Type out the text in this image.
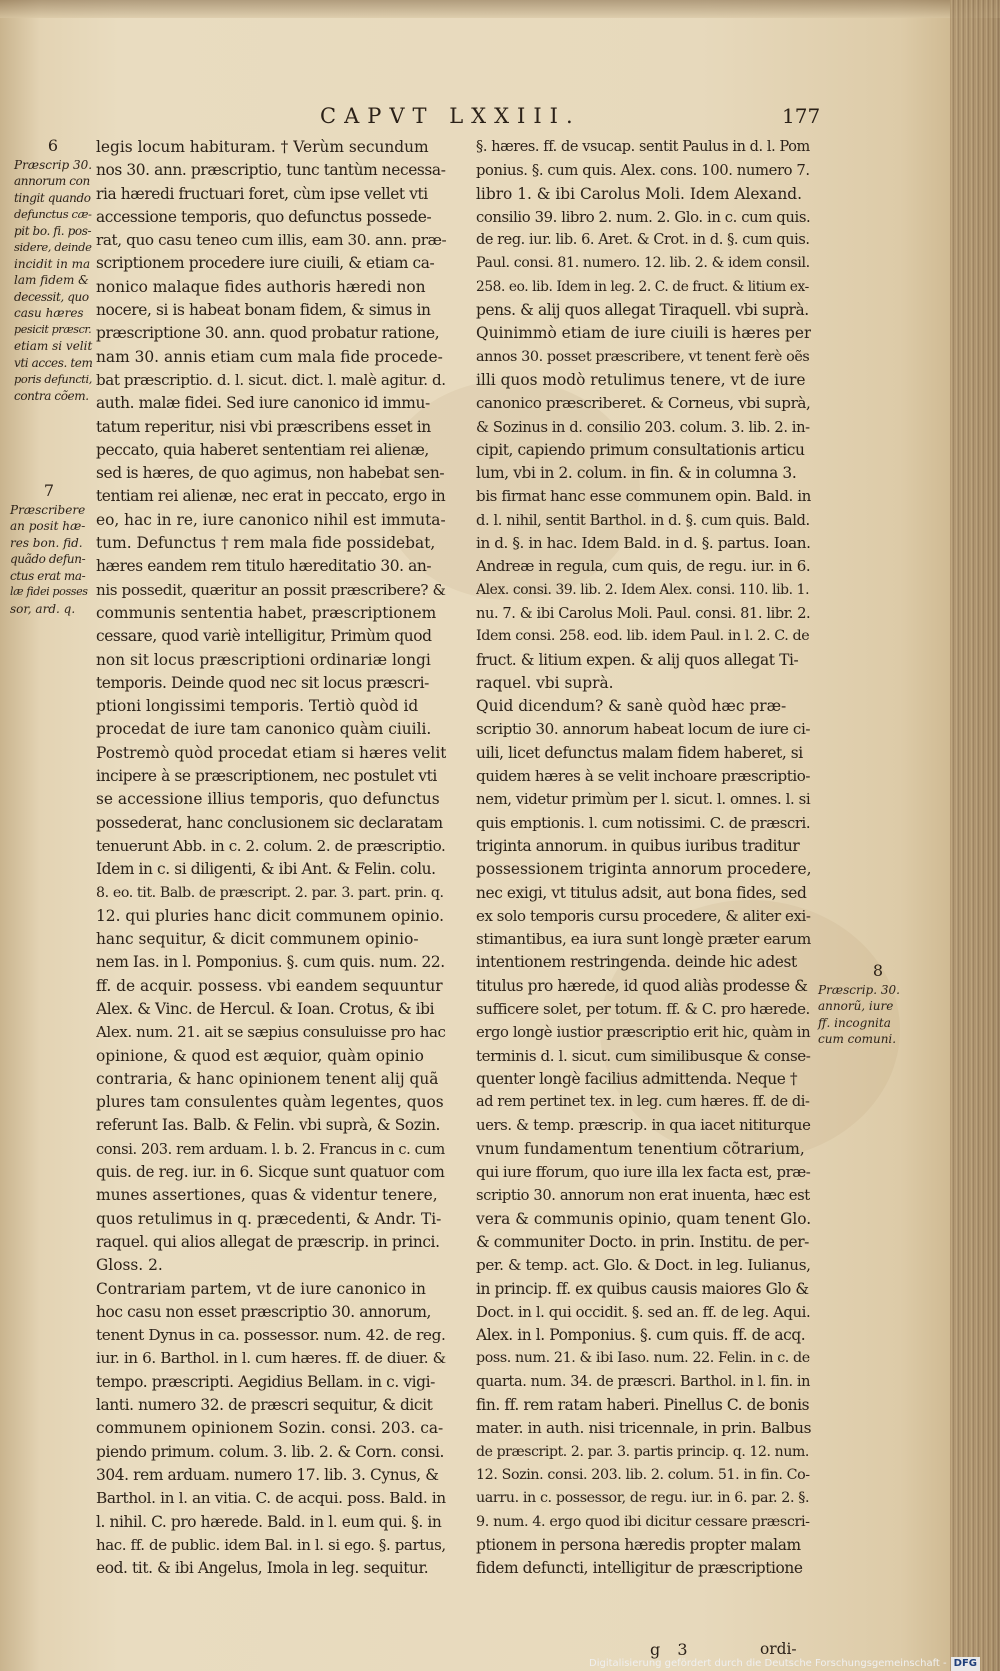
CAPVT LXXIII.	177
6
Præscrip 30.
annorum con
tingit quando
defunctus cæ-
pit bo. fi. pos-
sidere, deinde
incidit in ma
lam fidem &
decessit, quo
casu hæres
pesicit præscr.
etiam si velit
vti acces. tem
poris defuncti,
contra cõem.
7
Præscribere
an posit hæ-
res bon. fid.
quãdo defun-
ctus erat ma-
læ fidei posses
sor, ard. q.
8
Præscrip. 30.
annorũ, iure
ff. incognita
cum comuni.
legis locum habituram. † Verùm secundum
nos 30. ann. præscriptio, tunc tantùm necessa-
ria hæredi fructuari foret, cùm ipse vellet vti
accessione temporis, quo defunctus possede-
rat, quo casu teneo cum illis, eam 30. ann. præ-
scriptionem procedere iure ciuili, & etiam ca-
nonico malaque fides authoris hæredi non
nocere, si is habeat bonam fidem, & simus in
præscriptione 30. ann. quod probatur ratione,
nam 30. annis etiam cum mala fide procede-
bat præscriptio. d. l. sicut. dict. l. malè agitur. d.
auth. malæ fidei. Sed iure canonico id immu-
tatum reperitur, nisi vbi præscribens esset in
peccato, quia haberet sententiam rei alienæ,
sed is hæres, de quo agimus, non habebat sen-
tentiam rei alienæ, nec erat in peccato, ergo in
eo, hac in re, iure canonico nihil est immuta-
tum. Defunctus † rem mala fide possidebat,
hæres eandem rem titulo hæreditatio 30. an-
nis possedit, quæritur an possit præscribere? &
communis sententia habet, præscriptionem
cessare, quod variè intelligitur, Primùm quod
non sit locus præscriptioni ordinariæ longi
temporis. Deinde quod nec sit locus præscri-
ptioni longissimi temporis. Tertiò quòd id
procedat de iure tam canonico quàm ciuili.
Postremò quòd procedat etiam si hæres velit
incipere à se præscriptionem, nec postulet vti
se accessione illius temporis, quo defunctus
possederat, hanc conclusionem sic declaratam
tenuerunt Abb. in c. 2. colum. 2. de præscriptio.
Idem in c. si diligenti, & ibi Ant. & Felin. colu.
8. eo. tit. Balb. de præscript. 2. par. 3. part. prin. q.
12. qui pluries hanc dicit communem opinio.
hanc sequitur, & dicit communem opinio-
nem Ias. in l. Pomponius. §. cum quis. num. 22.
ff. de acquir. possess. vbi eandem sequuntur
Alex. & Vinc. de Hercul. & Ioan. Crotus, & ibi
Alex. num. 21. ait se sæpius consuluisse pro hac
opinione, & quod est æquior, quàm opinio
contraria, & hanc opinionem tenent alij quã
plures tam consulentes quàm legentes, quos
referunt Ias. Balb. & Felin. vbi suprà, & Sozin.
consi. 203. rem arduam. l. b. 2. Francus in c. cum
quis. de reg. iur. in 6. Sicque sunt quatuor com
munes assertiones, quas & videntur tenere,
quos retulimus in q. præcedenti, & Andr. Ti-
raquel. qui alios allegat de præscrip. in princi.
Gloss. 2.
Contrariam partem, vt de iure canonico in
hoc casu non esset præscriptio 30. annorum,
tenent Dynus in ca. possessor. num. 42. de reg.
iur. in 6. Barthol. in l. cum hæres. ff. de diuer. &
tempo. præscripti. Aegidius Bellam. in c. vigi-
lanti. numero 32. de præscri sequitur, & dicit
communem opinionem Sozin. consi. 203. ca-
piendo primum. colum. 3. lib. 2. & Corn. consi.
304. rem arduam. numero 17. lib. 3. Cynus, &
Barthol. in l. an vitia. C. de acqui. poss. Bald. in
l. nihil. C. pro hærede. Bald. in l. eum qui. §. in
hac. ff. de public. idem Bal. in l. si ego. §. partus,
eod. tit. & ibi Angelus, Imola in leg. sequitur.
§. hæres. ff. de vsucap. sentit Paulus in d. l. Pom
ponius. §. cum quis. Alex. cons. 100. numero 7.
libro 1. & ibi Carolus Moli. Idem Alexand.
consilio 39. libro 2. num. 2. Glo. in c. cum quis.
de reg. iur. lib. 6. Aret. & Crot. in d. §. cum quis.
Paul. consi. 81. numero. 12. lib. 2. & idem consil.
258. eo. lib. Idem in leg. 2. C. de fruct. & litium ex-
pens. & alij quos allegat Tiraquell. vbi suprà.
Quinimmò etiam de iure ciuili is hæres per
annos 30. posset præscribere, vt tenent ferè oẽs
illi quos modò retulimus tenere, vt de iure
canonico præscriberet. & Corneus, vbi suprà,
& Sozinus in d. consilio 203. colum. 3. lib. 2. in-
cipit, capiendo primum consultationis articu
lum, vbi in 2. colum. in fin. & in columna 3.
bis firmat hanc esse communem opin. Bald. in
d. l. nihil, sentit Barthol. in d. §. cum quis. Bald.
in d. §. in hac. Idem Bald. in d. §. partus. Ioan.
Andreæ in regula, cum quis, de regu. iur. in 6.
Alex. consi. 39. lib. 2. Idem Alex. consi. 110. lib. 1.
nu. 7. & ibi Carolus Moli. Paul. consi. 81. libr. 2.
Idem consi. 258. eod. lib. idem Paul. in l. 2. C. de
fruct. & litium expen. & alij quos allegat Ti-
raquel. vbi suprà.
Quid dicendum? & sanè quòd hæc præ-
scriptio 30. annorum habeat locum de iure ci-
uili, licet defunctus malam fidem haberet, si
quidem hæres à se velit inchoare præscriptio-
nem, videtur primùm per l. sicut. l. omnes. l. si
quis emptionis. l. cum notissimi. C. de præscri.
triginta annorum. in quibus iuribus traditur
possessionem triginta annorum procedere,
nec exigi, vt titulus adsit, aut bona fides, sed
ex solo temporis cursu procedere, & aliter exi-
stimantibus, ea iura sunt longè præter earum
intentionem restringenda. deinde hic adest
titulus pro hærede, id quod aliàs prodesse &
sufficere solet, per totum. ff. & C. pro hærede.
ergo longè iustior præscriptio erit hic, quàm in
terminis d. l. sicut. cum similibusque & conse-
quenter longè facilius admittenda. Neque †
ad rem pertinet tex. in leg. cum hæres. ff. de di-
uers. & temp. præscrip. in qua iacet nititurque
vnum fundamentum tenentium cõtrarium,
qui iure fforum, quo iure illa lex facta est, præ-
scriptio 30. annorum non erat inuenta, hæc est
vera & communis opinio, quam tenent Glo.
& communiter Docto. in prin. Institu. de per-
per. & temp. act. Glo. & Doct. in leg. Iulianus,
in princip. ff. ex quibus causis maiores Glo &
Doct. in l. qui occidit. §. sed an. ff. de leg. Aqui.
Alex. in l. Pomponius. §. cum quis. ff. de acq.
poss. num. 21. & ibi Iaso. num. 22. Felin. in c. de
quarta. num. 34. de præscri. Barthol. in l. fin. in
fin. ff. rem ratam haberi. Pinellus C. de bonis
mater. in auth. nisi tricennale, in prin. Balbus
de præscript. 2. par. 3. partis princip. q. 12. num.
12. Sozin. consi. 203. lib. 2. colum. 51. in fin. Co-
uarru. in c. possessor, de regu. iur. in 6. par. 2. §.
9. num. 4. ergo quod ibi dicitur cessare præscri-
ptionem in persona hæredis propter malam
fidem defuncti, intelligitur de præscriptione
g 3	ordi-
Digitalisierung gefördert durch die Deutsche Forschungsgemeinschaft - DFG
